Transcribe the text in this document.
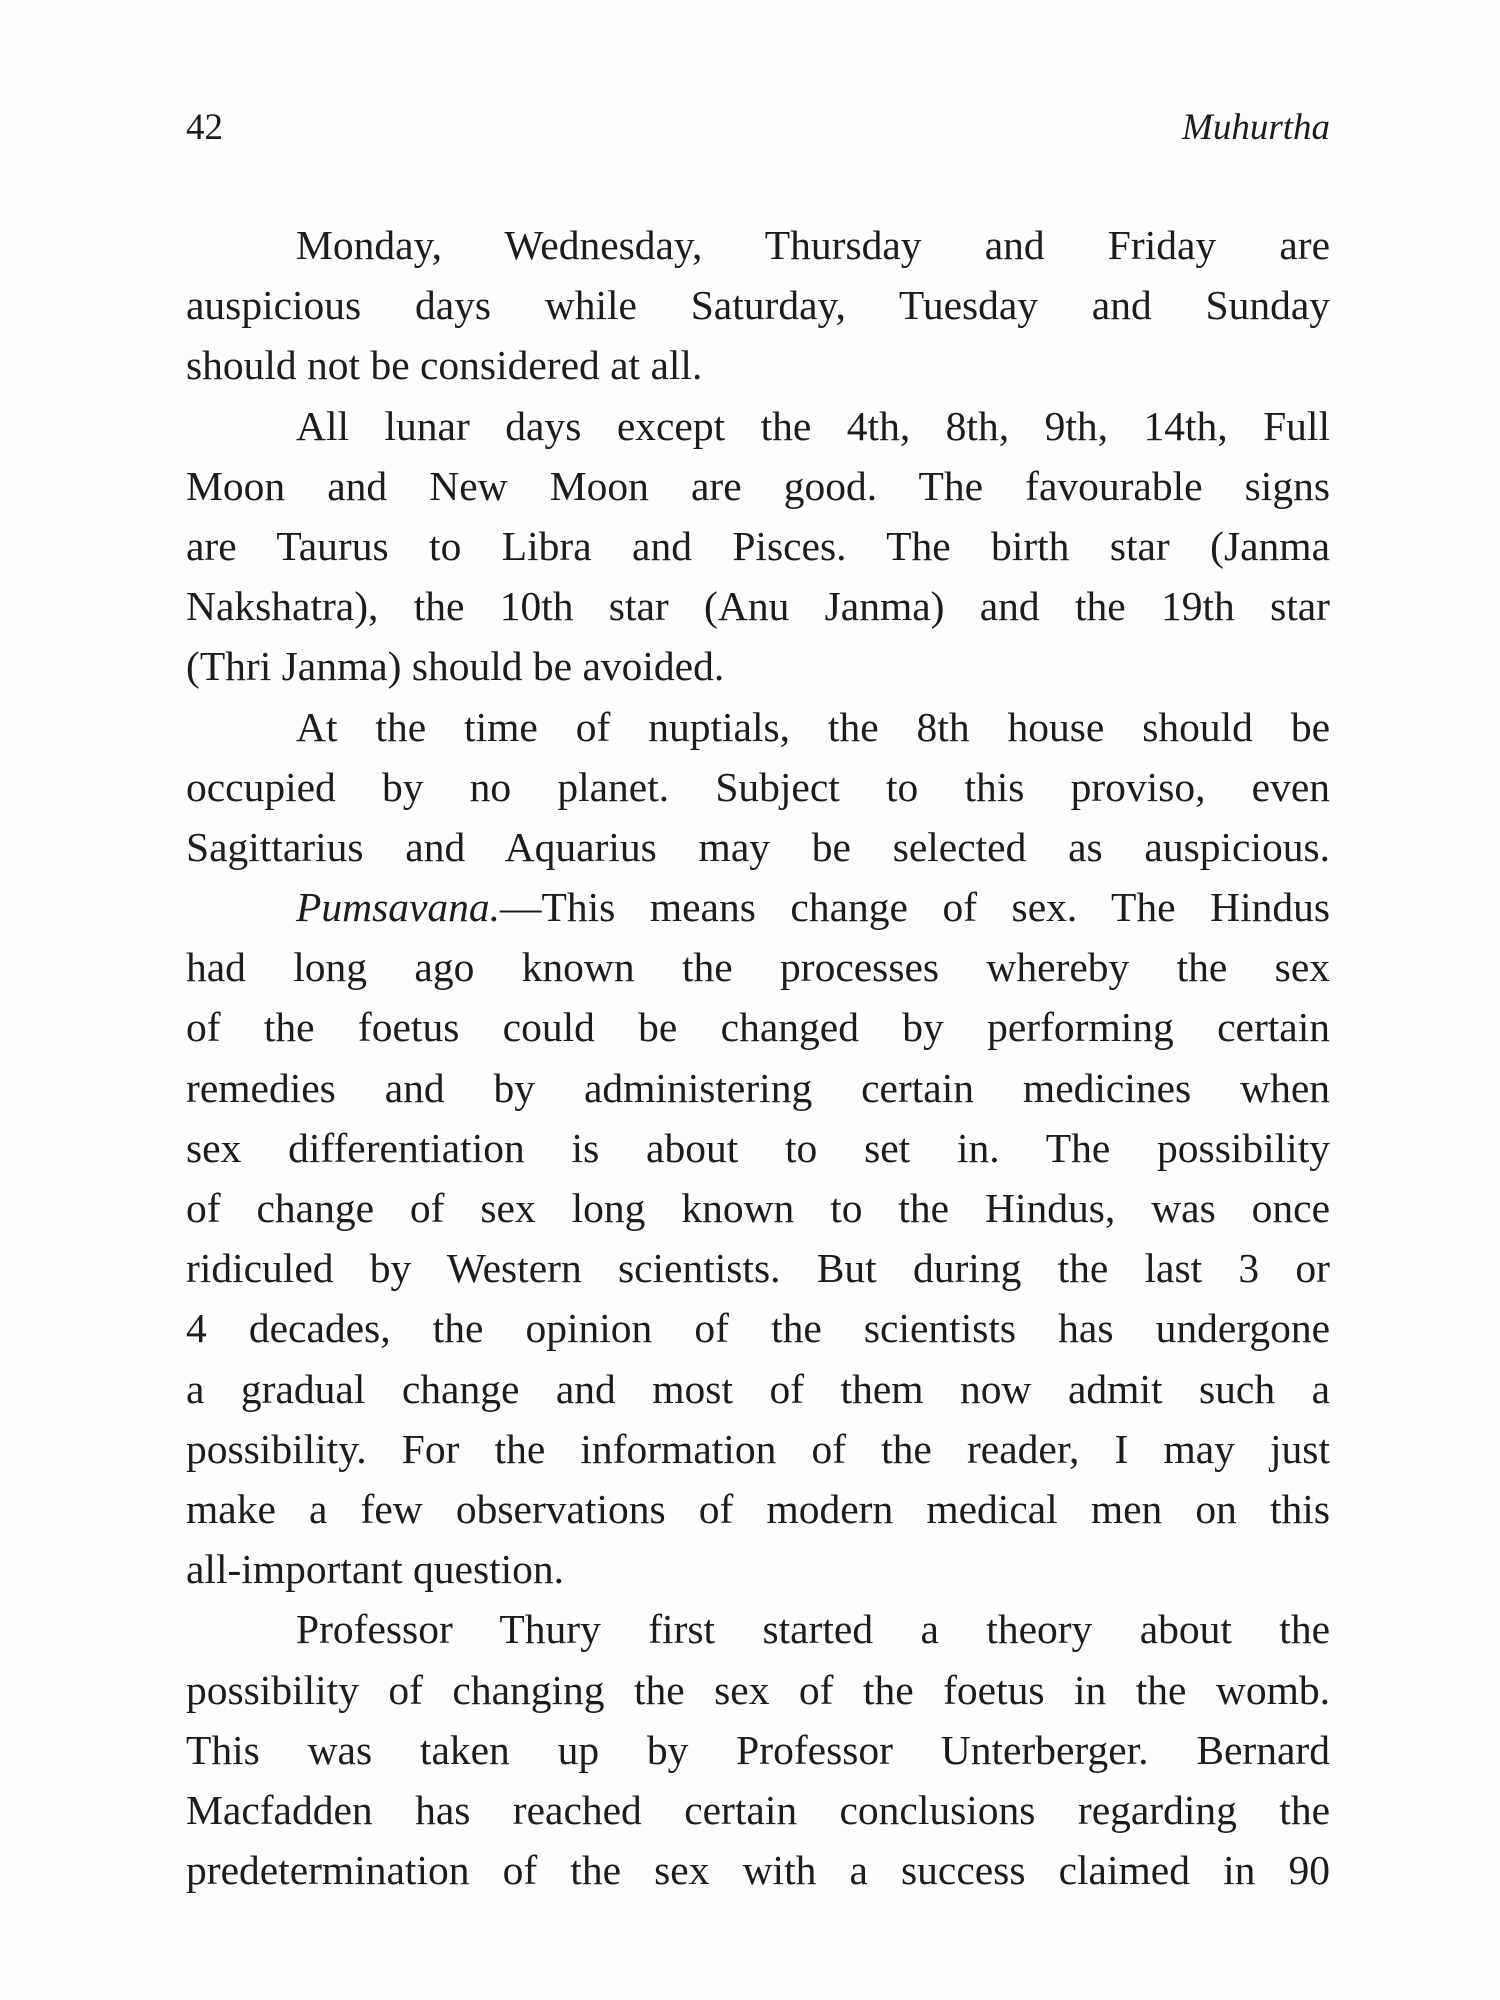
42	Muhurtha

Monday, Wednesday, Thursday and Friday are
auspicious days while Saturday, Tuesday and Sunday
should not be considered at all.

All lunar days except the 4th, 8th, 9th, 14th, Full
Moon and New Moon are good. The favourable signs
are Taurus to Libra and Pisces. The birth star (Janma
Nakshatra), the 10th star (Anu Janma) and the 19th star
(Thri Janma) should be avoided.

At the time of nuptials, the 8th house should be
occupied by no planet. Subject to this proviso, even
Sagittarius and Aquarius may be selected as auspicious.

Pumsavana.—This means change of sex. The Hindus
had long ago known the processes whereby the sex
of the foetus could be changed by performing certain
remedies and by administering certain medicines when
sex differentiation is about to set in. The possibility
of change of sex long known to the Hindus, was once
ridiculed by Western scientists. But during the last 3 or
4 decades, the opinion of the scientists has undergone
a gradual change and most of them now admit such a
possibility. For the information of the reader, I may just
make a few observations of modern medical men on this
all-important question.

Professor Thury first started a theory about the
possibility of changing the sex of the foetus in the womb.
This was taken up by Professor Unterberger. Bernard
Macfadden has reached certain conclusions regarding the
predetermination of the sex with a success claimed in 90
